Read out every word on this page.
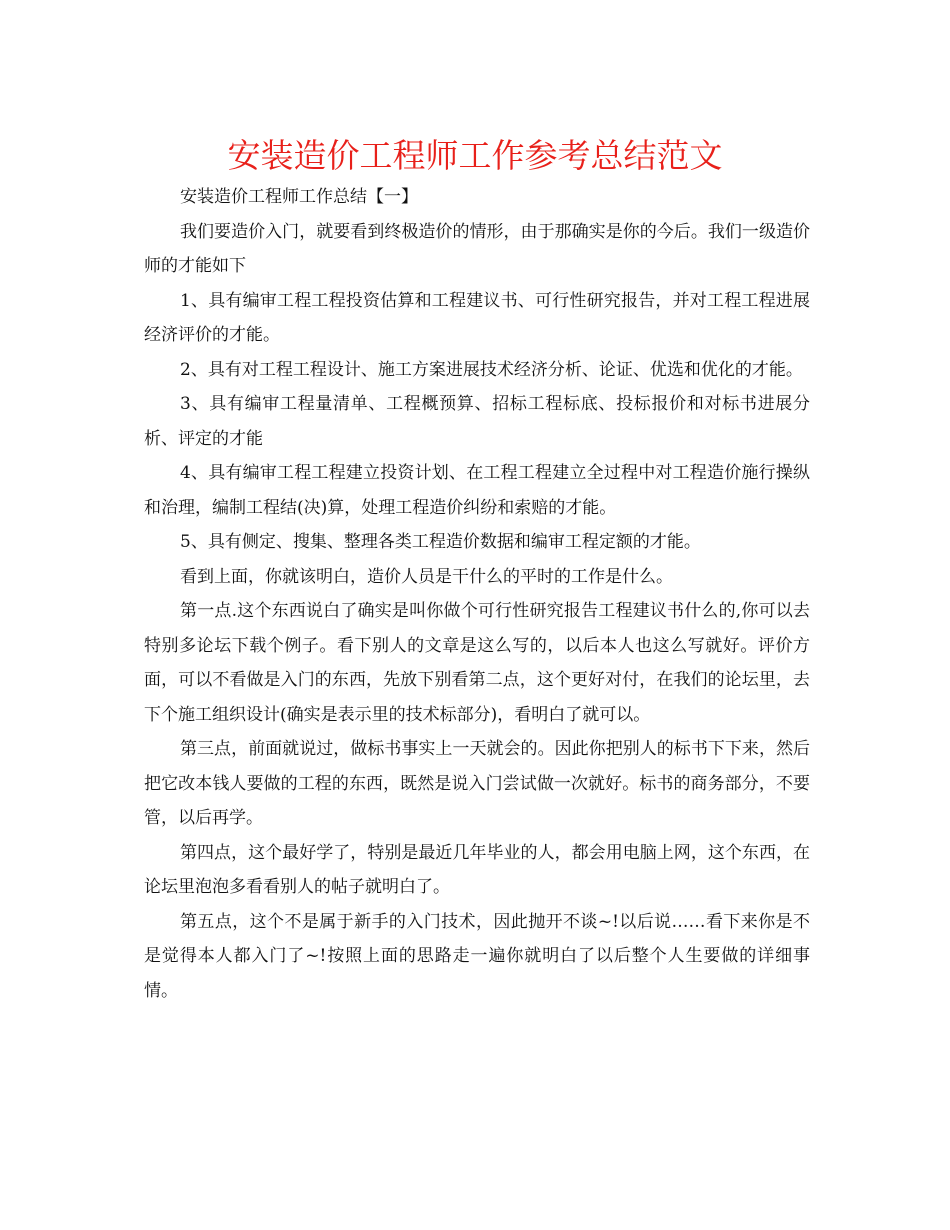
安装造价工程师工作参考总结范文

安装造价工程师工作总结【一】

我们要造价入门，就要看到终极造价的情形，由于那确实是你的今后。我们一级造价师的才能如下

1、具有编审工程工程投资估算和工程建议书、可行性研究报告，并对工程工程进展经济评价的才能。

2、具有对工程工程设计、施工方案进展技术经济分析、论证、优选和优化的才能。

3、具有编审工程量清单、工程概预算、招标工程标底、投标报价和对标书进展分析、评定的才能

4、具有编审工程工程建立投资计划、在工程工程建立全过程中对工程造价施行操纵和治理，编制工程结(决)算，处理工程造价纠纷和索赔的才能。

5、具有侧定、搜集、整理各类工程造价数据和编审工程定额的才能。

看到上面，你就该明白，造价人员是干什么的平时的工作是什么。

第一点.这个东西说白了确实是叫你做个可行性研究报告工程建议书什么的,你可以去特别多论坛下载个例子。看下别人的文章是这么写的，以后本人也这么写就好。评价方面，可以不看做是入门的东西，先放下别看第二点，这个更好对付，在我们的论坛里，去下个施工组织设计(确实是表示里的技术标部分)，看明白了就可以。

第三点，前面就说过，做标书事实上一天就会的。因此你把别人的标书下下来，然后把它改本钱人要做的工程的东西，既然是说入门尝试做一次就好。标书的商务部分，不要管，以后再学。

第四点，这个最好学了，特别是最近几年毕业的人，都会用电脑上网，这个东西，在论坛里泡泡多看看别人的帖子就明白了。

第五点，这个不是属于新手的入门技术，因此抛开不谈~!以后说……看下来你是不是觉得本人都入门了~!按照上面的思路走一遍你就明白了以后整个人生要做的详细事情。
